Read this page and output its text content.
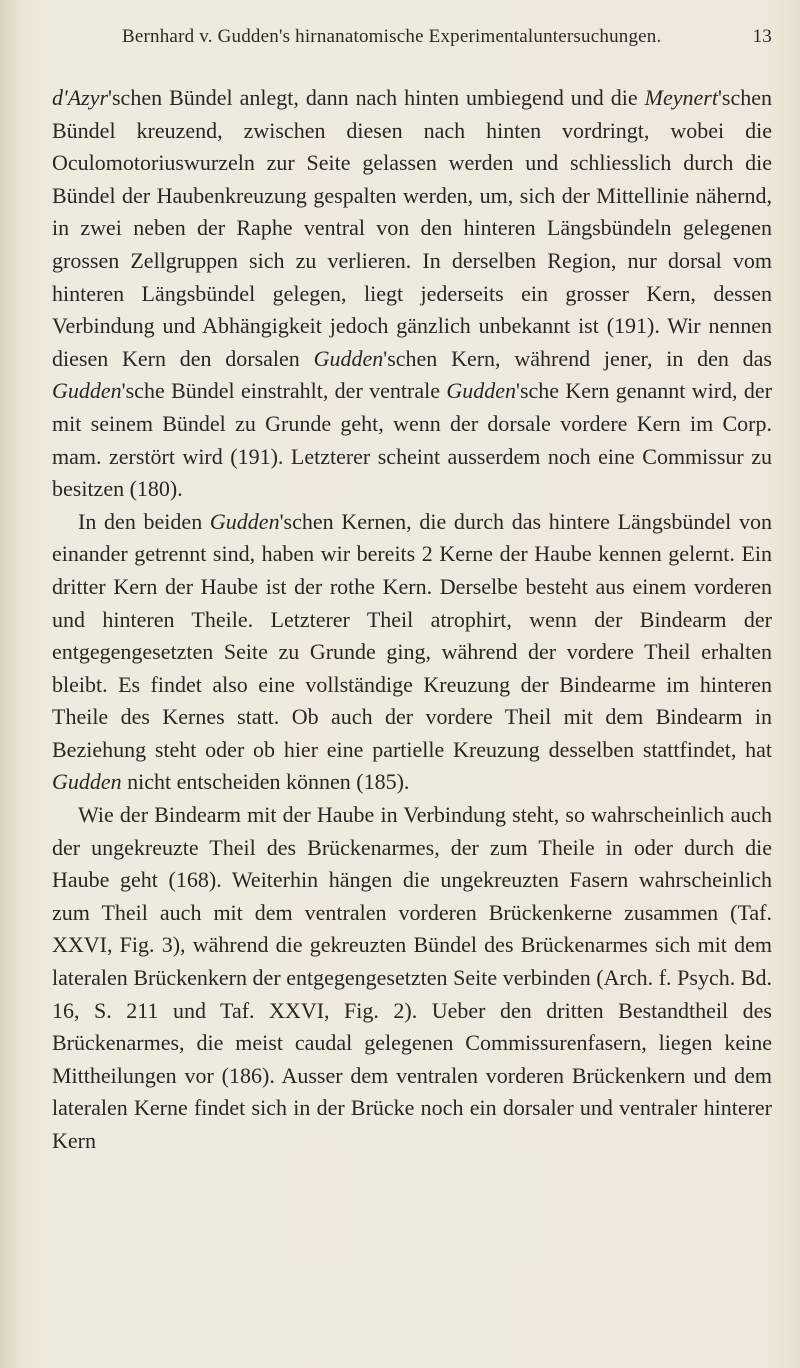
Bernhard v. Gudden's hirnanatomische Experimentaluntersuchungen.	13

d'Azyr'schen Bündel anlegt, dann nach hinten umbiegend und die Meynert'schen Bündel kreuzend, zwischen diesen nach hinten vordringt, wobei die Oculomotoriuswurzeln zur Seite gelassen werden und schliesslich durch die Bündel der Haubenkreuzung gespalten werden, um, sich der Mittellinie nähernd, in zwei neben der Raphe ventral von den hinteren Längsbündeln gelegenen grossen Zellgruppen sich zu verlieren. In derselben Region, nur dorsal vom hinteren Längsbündel gelegen, liegt jederseits ein grosser Kern, dessen Verbindung und Abhängigkeit jedoch gänzlich unbekannt ist (191). Wir nennen diesen Kern den dorsalen Gudden'schen Kern, während jener, in den das Gudden'sche Bündel einstrahlt, der ventrale Gudden'sche Kern genannt wird, der mit seinem Bündel zu Grunde geht, wenn der dorsale vordere Kern im Corp. mam. zerstört wird (191). Letzterer scheint ausserdem noch eine Commissur zu besitzen (180).

In den beiden Gudden'schen Kernen, die durch das hintere Längsbündel von einander getrennt sind, haben wir bereits 2 Kerne der Haube kennen gelernt. Ein dritter Kern der Haube ist der rothe Kern. Derselbe besteht aus einem vorderen und hinteren Theile. Letzterer Theil atrophirt, wenn der Bindearm der entgegengesetzten Seite zu Grunde ging, während der vordere Theil erhalten bleibt. Es findet also eine vollständige Kreuzung der Bindearme im hinteren Theile des Kernes statt. Ob auch der vordere Theil mit dem Bindearm in Beziehung steht oder ob hier eine partielle Kreuzung desselben stattfindet, hat Gudden nicht entscheiden können (185).

Wie der Bindearm mit der Haube in Verbindung steht, so wahrscheinlich auch der ungekreuzte Theil des Brückenarmes, der zum Theile in oder durch die Haube geht (168). Weiterhin hängen die ungekreuzten Fasern wahrscheinlich zum Theil auch mit dem ventralen vorderen Brückenkerne zusammen (Taf. XXVI, Fig. 3), während die gekreuzten Bündel des Brückenarmes sich mit dem lateralen Brückenkern der entgegengesetzten Seite verbinden (Arch. f. Psych. Bd. 16, S. 211 und Taf. XXVI, Fig. 2). Ueber den dritten Bestandtheil des Brückenarmes, die meist caudal gelegenen Commissurenfasern, liegen keine Mittheilungen vor (186). Ausser dem ventralen vorderen Brückenkern und dem lateralen Kerne findet sich in der Brücke noch ein dorsaler und ventraler hinterer Kern
